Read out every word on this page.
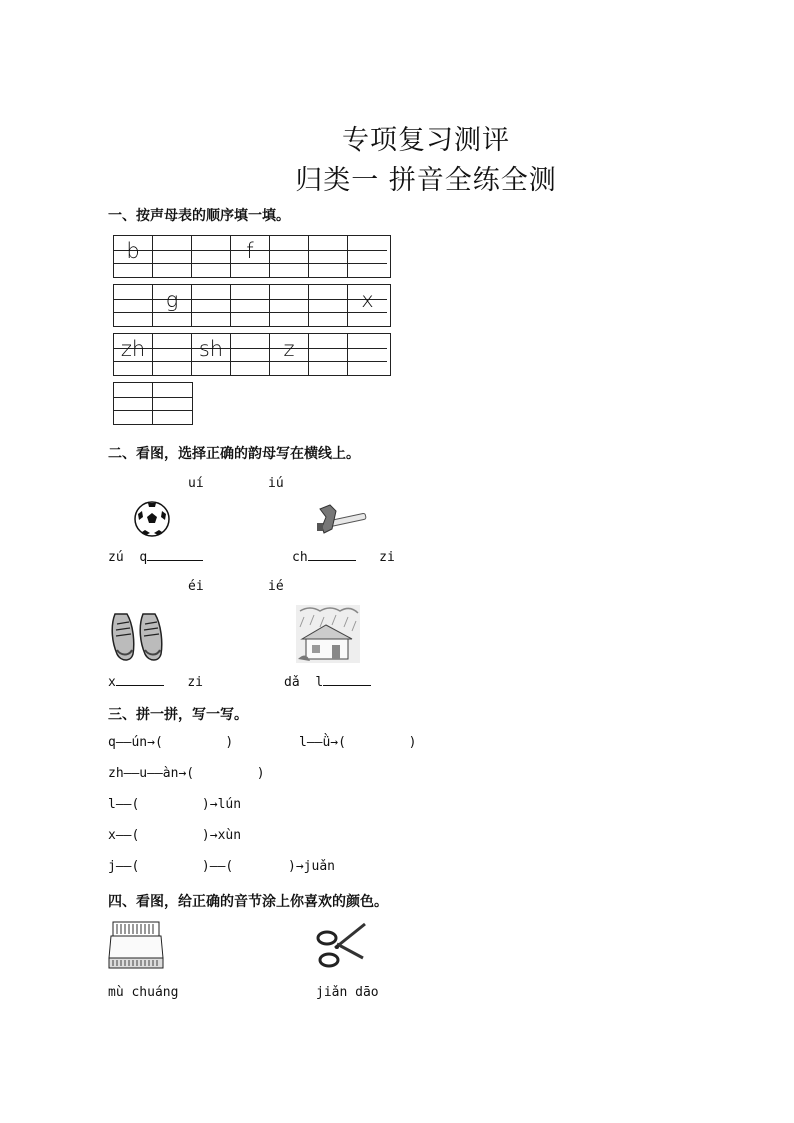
专项复习测评
归类一 拼音全练全测
一、按声母表的顺序填一填。
b	f
g	x
zh	sh	z
二、看图，选择正确的韵母写在横线上。
uí	iú
zú q	ch	zi
éi	ié
x	zi	dǎ l
三、拼一拼，写一写。
q——ún→(        )	l——ǜ→(        )
zh——u——àn→(        )
l——(        )→lún
x——(        )→xùn
j——(        )——(       )→juǎn
四、看图，给正确的音节涂上你喜欢的颜色。
mù chuáng	jiǎn dāo
